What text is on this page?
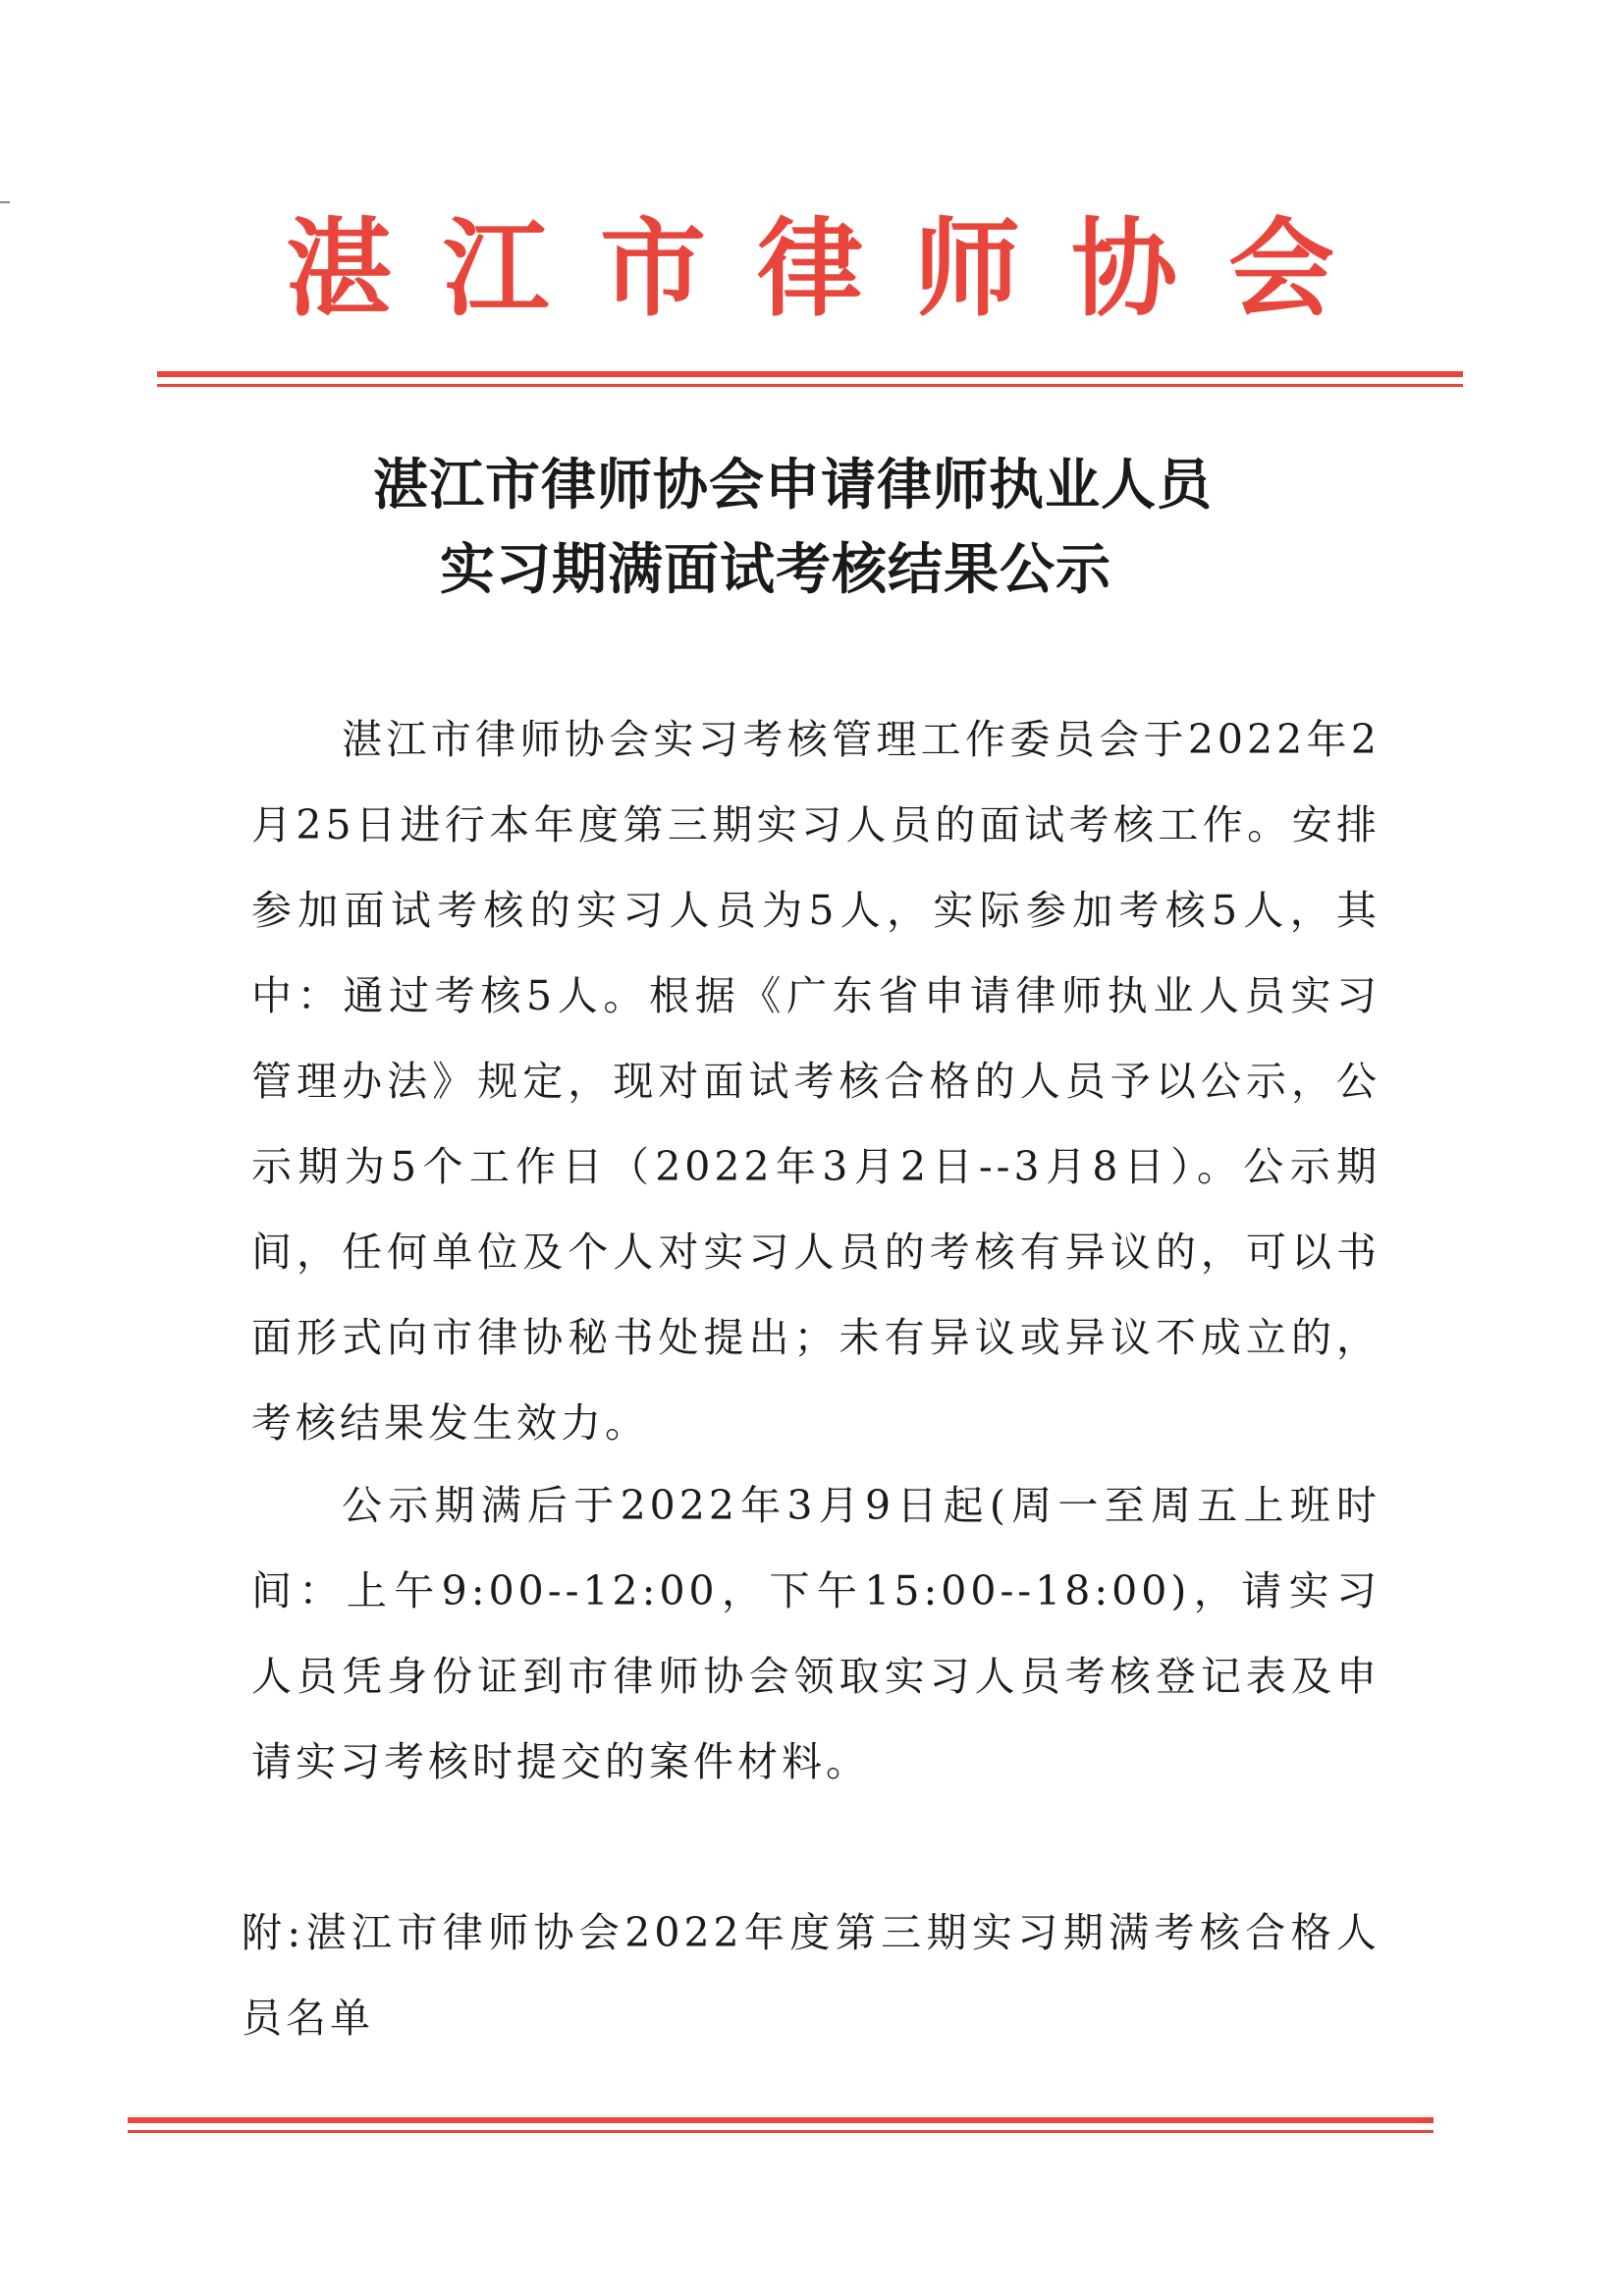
湛江市律师协会
湛江市律师协会申请律师执业人员
实习期满面试考核结果公示

湛江市律师协会实习考核管理工作委员会于2022年2月25日进行本年度第三期实习人员的面试考核工作。安排参加面试考核的实习人员为5人，实际参加考核5人，其中：通过考核5人。根据《广东省申请律师执业人员实习管理办法》规定，现对面试考核合格的人员予以公示，公示期为5个工作日（2022年3月2日--3月8日）。公示期间，任何单位及个人对实习人员的考核有异议的，可以书面形式向市律协秘书处提出；未有异议或异议不成立的，考核结果发生效力。

公示期满后于2022年3月9日起(周一至周五上班时间：上午9:00--12:00，下午15:00--18:00)，请实习人员凭身份证到市律师协会领取实习人员考核登记表及申请实习考核时提交的案件材料。

附:湛江市律师协会2022年度第三期实习期满考核合格人员名单
